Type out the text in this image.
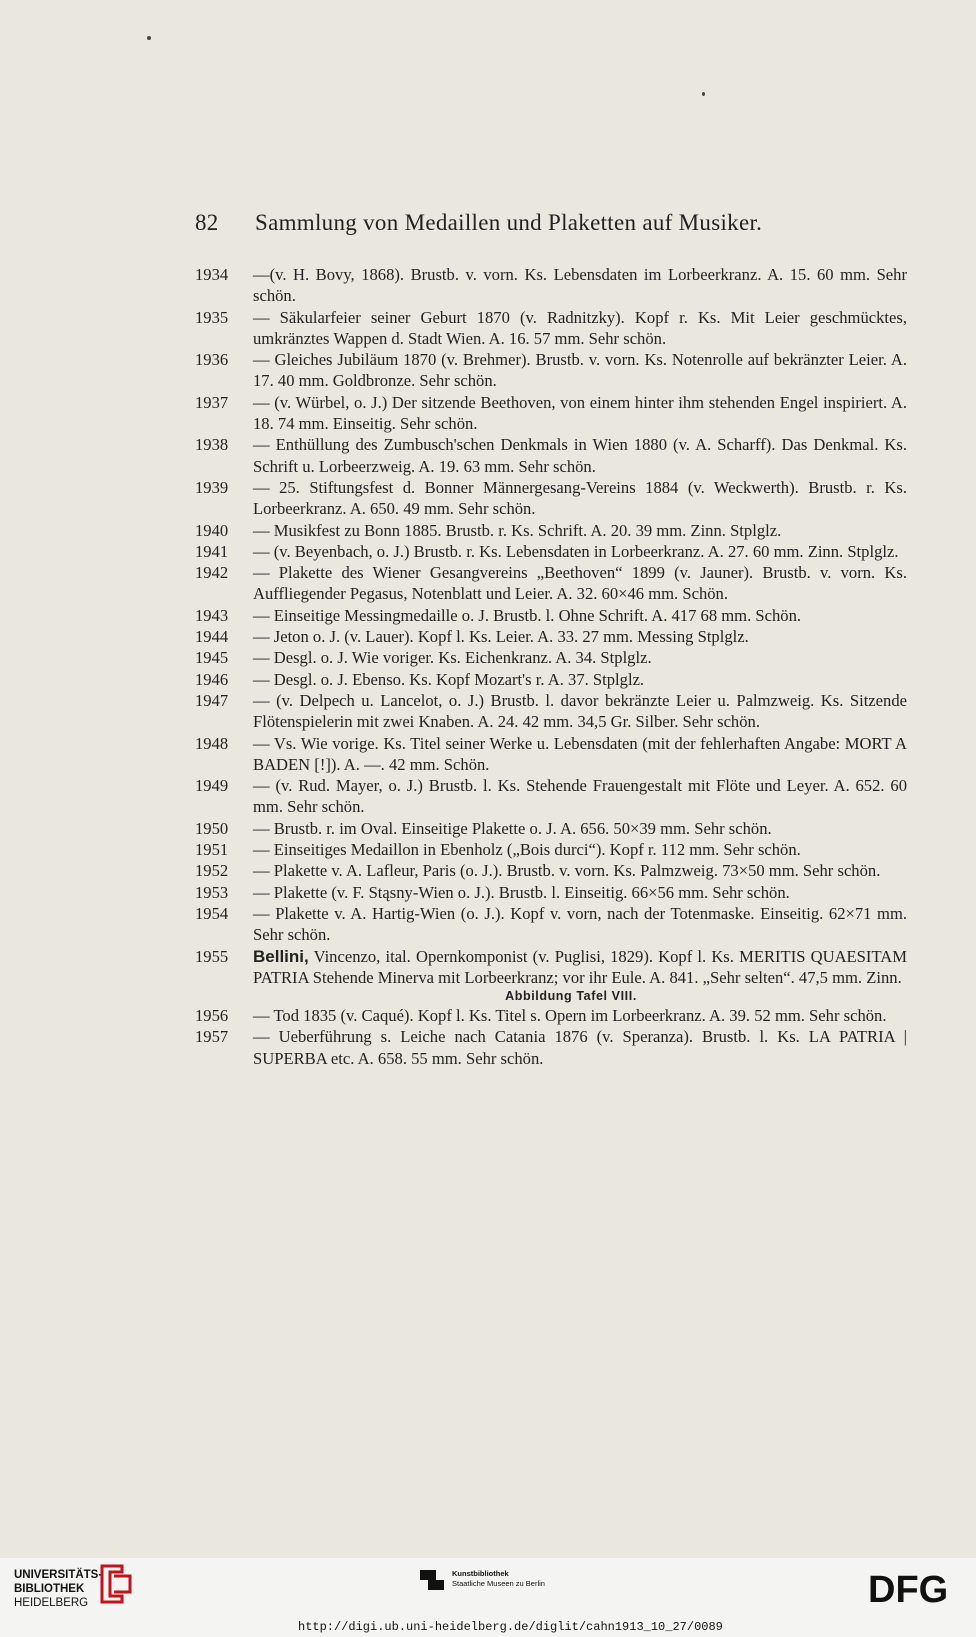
82 Sammlung von Medaillen und Plaketten auf Musiker.
1934	—(v. H. Bovy, 1868). Brustb. v. vorn. Ks. Lebensdaten im Lorbeerkranz. A. 15. 60 mm. Sehr schön.
1935	— Säkularfeier seiner Geburt 1870 (v. Radnitzky). Kopf r. Ks. Mit Leier geschmücktes, umkränztes Wappen d. Stadt Wien. A. 16. 57 mm. Sehr schön.
1936	— Gleiches Jubiläum 1870 (v. Brehmer). Brustb. v. vorn. Ks. Notenrolle auf bekränzter Leier. A. 17. 40 mm. Goldbronze. Sehr schön.
1937	— (v. Würbel, o. J.) Der sitzende Beethoven, von einem hinter ihm stehenden Engel inspiriert. A. 18. 74 mm. Einseitig. Sehr schön.
1938	— Enthüllung des Zumbusch'schen Denkmals in Wien 1880 (v. A. Scharff). Das Denkmal. Ks. Schrift u. Lorbeerzweig. A. 19. 63 mm. Sehr schön.
1939	— 25. Stiftungsfest d. Bonner Männergesang-Vereins 1884 (v. Weckwerth). Brustb. r. Ks. Lorbeerkranz. A. 650. 49 mm. Sehr schön.
1940	— Musikfest zu Bonn 1885. Brustb. r. Ks. Schrift. A. 20. 39 mm. Zinn. Stplglz.
1941	— (v. Beyenbach, o. J.) Brustb. r. Ks. Lebensdaten in Lorbeerkranz. A. 27. 60 mm. Zinn. Stplglz.
1942	— Plakette des Wiener Gesangvereins „Beethoven“ 1899 (v. Jauner). Brustb. v. vorn. Ks. Auffliegender Pegasus, Notenblatt und Leier. A. 32. 60×46 mm. Schön.
1943	— Einseitige Messingmedaille o. J. Brustb. l. Ohne Schrift. A. 417 68 mm. Schön.
1944	— Jeton o. J. (v. Lauer). Kopf l. Ks. Leier. A. 33. 27 mm. Messing Stplglz.
1945	— Desgl. o. J. Wie voriger. Ks. Eichenkranz. A. 34. Stplglz.
1946	— Desgl. o. J. Ebenso. Ks. Kopf Mozart's r. A. 37. Stplglz.
1947	— (v. Delpech u. Lancelot, o. J.) Brustb. l. davor bekränzte Leier u. Palmzweig. Ks. Sitzende Flötenspielerin mit zwei Knaben. A. 24. 42 mm. 34,5 Gr. Silber. Sehr schön.
1948	— Vs. Wie vorige. Ks. Titel seiner Werke u. Lebensdaten (mit der fehlerhaften Angabe: MORT A BADEN [!]). A. —. 42 mm. Schön.
1949	— (v. Rud. Mayer, o. J.) Brustb. l. Ks. Stehende Frauengestalt mit Flöte und Leyer. A. 652. 60 mm. Sehr schön.
1950	— Brustb. r. im Oval. Einseitige Plakette o. J. A. 656. 50×39 mm. Sehr schön.
1951	— Einseitiges Medaillon in Ebenholz („Bois durci“). Kopf r. 112 mm. Sehr schön.
1952	— Plakette v. A. Lafleur, Paris (o. J.). Brustb. v. vorn. Ks. Palmzweig. 73×50 mm. Sehr schön.
1953	— Plakette (v. F. Stąsny-Wien o. J.). Brustb. l. Einseitig. 66×56 mm. Sehr schön.
1954	— Plakette v. A. Hartig-Wien (o. J.). Kopf v. vorn, nach der Totenmaske. Einseitig. 62×71 mm. Sehr schön.
1955	Bellini, Vincenzo, ital. Opernkomponist (v. Puglisi, 1829). Kopf l. Ks. MERITIS QUAESITAM PATRIA Stehende Minerva mit Lorbeerkranz; vor ihr Eule. A. 841. „Sehr selten“. 47,5 mm. Zinn.
Abbildung Tafel VIII.
1956	— Tod 1835 (v. Caqué). Kopf l. Ks. Titel s. Opern im Lorbeerkranz. A. 39. 52 mm. Sehr schön.
1957	— Ueberführung s. Leiche nach Catania 1876 (v. Speranza). Brustb. l. Ks. LA PATRIA | SUPERBA etc. A. 658. 55 mm. Sehr schön.
UNIVERSITÄTS-
BIBLIOTHEK
HEIDELBERG
Kunstbibliothek
Staatliche Museen zu Berlin	DFG
http://digi.ub.uni-heidelberg.de/diglit/cahn1913_10_27/0089
